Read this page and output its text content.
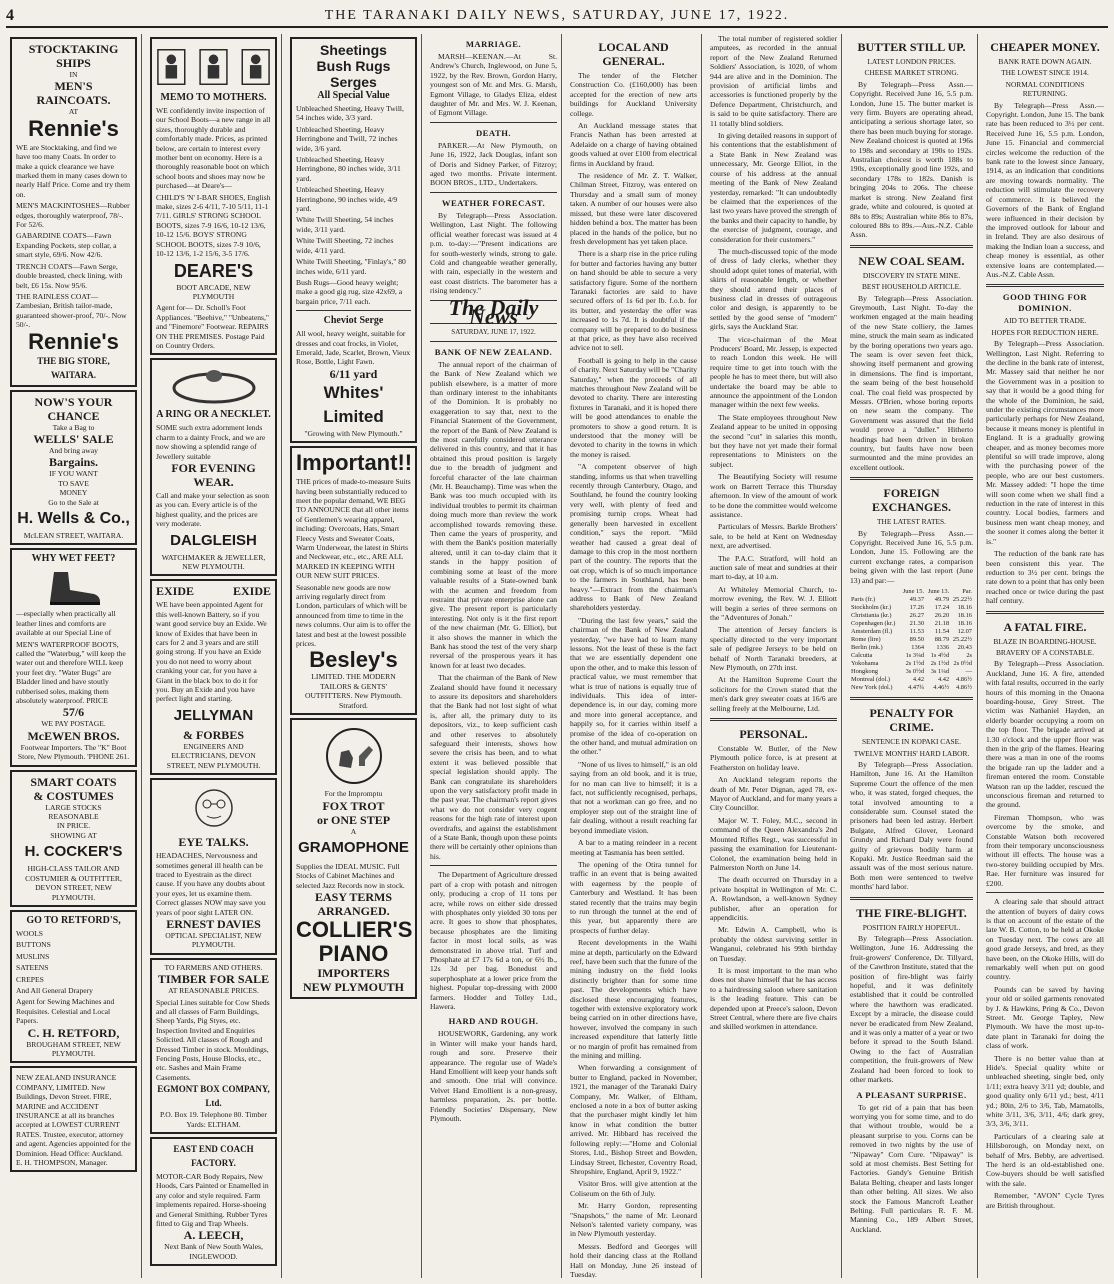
4	THE TARANAKI DAILY NEWS, SATURDAY, JUNE 17, 1922.
STOCKTAKING
SHIPS
IN
MEN'S RAINCOATS.
AT
Rennie's

WE are Stocktaking, and find we have too many Coats. In order to make a quick clearance we have marked them in many cases down to nearly Half Price. Come and try them on.

MEN'S MACKINTOSHES—Rubber edges, thoroughly waterproof, 78/-. For 52/6.

GABARDINE COATS—Fawn Expanding Pockets, step collar, a smart style, 69/6. Now 42/6.

TRENCH COATS—Fawn Serge, double breasted, check lining, with belt, £6 15s. Now 95/6.

THE RAINLESS COAT—Zambesian, British tailor-made, guaranteed shower-proof, 70/-. Now 50/-.

Rennie's
THE BIG STORE, WAITARA.
NOW'S YOUR
CHANCE
Take a Bag to
WELLS' SALE
And bring away
Bargains.
IF YOU WANT
TO SAVE
MONEY
Go to the Sale at
H. Wells & Co.,
McLEAN STREET, WAITARA.
WHY WET FEET?

—especially when practically all leather lines and comforts are available at our Special Line of

MEN'S WATERPROOF BOOTS, called the "Waterbug," will keep the water out and therefore WILL keep your feet dry. "Water Bugs" are Bladder lined and have stoutly rubberised soles, making them absolutely waterproof. PRICE

57/6
WE PAY POSTAGE.
McEWEN BROS.
Footwear Importers. The "K" Boot Store, New Plymouth. 'PHONE 261.
SMART COATS
& COSTUMES
LARGE STOCKS
REASONABLE
IN PRICE.
SHOWING AT
H. COCKER'S
HIGH-CLASS TAILOR AND COSTUMIER & OUTFITTER, DEVON STREET, NEW PLYMOUTH.
GO TO RETFORD'S,

WOOLS

BUTTONS

MUSLINS

SATEENS

CREPES

And All General Drapery

Agent for Sewing Machines and Requisites. Celestial and Local Papers.

C. H. RETFORD,
BROUGHAM STREET, NEW PLYMOUTH.

NEW ZEALAND INSURANCE COMPANY, LIMITED. New Buildings, Devon Street. FIRE, MARINE and ACCIDENT INSURANCE at all its branches accepted at LOWEST CURRENT RATES. Trustee, executor, attorney and agent. Agencies appointed for the Dominion. Head Office: Auckland. E. H. THOMPSON, Manager.

MEMO TO MOTHERS.

WE confidently invite inspection of our School Boots—a new range in all sizes, thoroughly durable and comfortably made. Prices, as printed below, are certain to interest every mother bent on economy. Here is a thoroughly reasonable boot on which school boots and shoes may now be purchased—at Deare's—

CHILD'S 'N' I-BAR SHOES, English make, sizes 2-6 4/11, 7-10 5/11, 11-1 7/11. GIRLS' STRONG SCHOOL BOOTS, sizes 7-9 16/6, 10-12 13/6, 10-12 15/6. BOYS' STRONG SCHOOL BOOTS, sizes 7-9 10/6, 10-12 13/6, 1-2 15/6, 3-5 17/6.

DEARE'S
BOOT ARCADE, NEW PLYMOUTH

Agent for— Dr. Scholl's Foot Appliances. "Beehive," "Unbeatens," and "Finemore" Footwear. REPAIRS ON THE PREMISES. Postage Paid on Country Orders.

A RING OR A NECKLET.

SOME such extra adornment lends charm to a dainty Frock, and we are now showing a splendid range of Jewellery suitable

FOR EVENING WEAR.

Call and make your selection as soon as you can. Every article is of the highest quality, and the prices are very moderate.

DALGLEISH
WATCHMAKER & JEWELLER, NEW PLYMOUTH.
EXIDE	EXIDE

WE have been appointed Agent for this well-known Battery, so if you want good service buy an Exide. We know of Exides that have been in cars for 2 and 3 years and are still going strong. If you have an Exide you do not need to worry about cranking your car, for you have a Giant in the black box to do it for you. Buy an Exide and you have perfect light and starting.

JELLYMAN
& FORBES
ENGINEERS AND ELECTRICIANS, DEVON STREET, NEW PLYMOUTH.
EYE TALKS.

HEADACHES, Nervousness and sometimes general ill health can be traced to Eyestrain as the direct cause. If you have any doubts about your eyes, let us examine them. Correct glasses NOW may save you years of poor sight LATER ON.

ERNEST DAVIES
OPTICAL SPECIALIST, NEW PLYMOUTH.
TO FARMERS AND OTHERS.
TIMBER FOR SALE
AT REASONABLE PRICES.

Special Lines suitable for Cow Sheds and all classes of Farm Buildings, Sheep Yards, Pig Styes, etc. Inspection Invited and Enquiries Solicited. All classes of Rough and Dressed Timber in stock. Mouldings, Fencing Posts, House Blocks, etc., etc. Sashes and Main Frame Casements.

EGMONT BOX COMPANY, Ltd.
P.O. Box 19. Telephone 80. Timber Yards: ELTHAM.
EAST END COACH FACTORY.

MOTOR-CAR Body Repairs, New Hoods, Cars Painted or Enamelled in any color and style required. Farm implements repaired. Horse-shoeing and General Smithing. Rubber Tyres fitted to Gig and Trap Wheels.

A. LEECH,
Next Bank of New South Wales, INGLEWOOD.
Sheetings
Bush Rugs
Serges
All Special Value

Unbleached Sheeting, Heavy Twill, 54 inches wide, 3/3 yard.

Unbleached Sheeting, Heavy Herringbone and Twill, 72 inches wide, 3/6 yard.

Unbleached Sheeting, Heavy Herringbone, 80 inches wide, 3/11 yard.

Unbleached Sheeting, Heavy Herringbone, 90 inches wide, 4/9 yard.

White Twill Sheeting, 54 inches wide, 3/11 yard.

White Twill Sheeting, 72 inches wide, 4/11 yard.

White Twill Sheeting, "Finlay's," 80 inches wide, 6/11 yard.

Bush Rugs—Good heavy weight; make a good gig rug, size 42x69, a bargain price, 7/11 each.

Cheviot Serge

All wool, heavy weight, suitable for dresses and coat frocks, in Violet, Emerald, Jade, Scarlet, Brown, Vieux Rose, Bottle, Light Fawn.

6/11 yard
Whites' Limited
"Growing with New Plymouth."
Important!!

THE prices of made-to-measure Suits having been substantially reduced to meet the popular demand, WE BEG TO ANNOUNCE that all other items of Gentlemen's wearing apparel, including: Overcoats, Hats, Smart Fleecy Vests and Sweater Coats, Warm Underwear, the latest in Shirts and Neckwear, etc., etc., ARE ALL MARKED IN KEEPING WITH OUR NEW SUIT PRICES.

Seasonable new goods are now arriving regularly direct from London, particulars of which will be announced from time to time in the news columns. Our aim is to offer the latest and best at the lowest possible prices.

Besley's
LIMITED. THE MODERN TAILORS & GENTS' OUTFITTERS. New Plymouth. Stratford.
For the Impromptu
FOX TROT
or ONE STEP
A
GRAMOPHONE

Supplies the IDEAL MUSIC. Full Stocks of Cabinet Machines and selected Jazz Records now in stock.

EASY TERMS ARRANGED.
COLLIER'S
PIANO
IMPORTERS
NEW PLYMOUTH
MARRIAGE.

MARSH—KEENAN.—At St. Andrew's Church, Inglewood, on June 5, 1922, by the Rev. Brown, Gordon Harry, youngest son of Mr. and Mrs. G. Marsh, Egmont Village, to Gladys Eliza, eldest daughter of Mr. and Mrs. W. J. Keenan, of Egmont Village.

DEATH.

PARKER.—At New Plymouth, on June 16, 1922, Jack Douglas, infant son of Doris and Sidney Parker, of Fitzroy; aged two months. Private interment. BOON BROS., LTD., Undertakers.

WEATHER FORECAST.

By Telegraph—Press Association. Wellington, Last Night. The following official weather forecast was issued at 4 p.m. to-day:—"Present indications are for south-westerly winds, strong to gale. Cold and changeable weather generally, with rain, especially in the western and east coast districts. The barometer has a rising tendency."

The Daily News
SATURDAY, JUNE 17, 1922.
BANK OF NEW ZEALAND.

The annual report of the chairman of the Bank of New Zealand which we publish elsewhere, is a matter of more than ordinary interest to the inhabitants of the Dominion. It is probably no exaggeration to say that, next to the Financial Statement of the Government, the report of the Bank of New Zealand is the most carefully considered utterance delivered in this country, and that it has obtained this proud position is largely due to the breadth of judgment and forceful character of the late chairman (Mr. H. Beauchamp). Time was when the Bank was too much occupied with its individual troubles to permit its chairman doing much more than review the work accomplished towards removing these. Then came the years of prosperity, and with them the Bank's position materially altered, until it can to-day claim that it stands in the happy position of combining some at least of the more valuable results of a State-owned bank with the acumen and freedom from restraint that private enterprise alone can give. The present report is particularly interesting. Not only is it the first report of the new chairman (Mr. G. Elliot), but it also shows the manner in which the Bank has stood the test of the very sharp reversal of the prosperous years it has known for at least two decades.

That the chairman of the Bank of New Zealand should have found it necessary to assure its depositors and shareholders that the Bank had not lost sight of what is, after all, the primary duty to its depositors, viz., to keep sufficient cash and other reserves to absolutely safeguard their interests, shows how severe the crisis has been, and to what extent it was believed possible that special legislation should apply. The Bank can congratulate its shareholders upon the very satisfactory profit made in the past year. The chairman's report gives what we do not consider very cogent reasons for the high rate of interest upon overdrafts, and against the establishment of a State Bank, though upon these points there will be certainly other opinions than his.

The Department of Agriculture dressed part of a crop with potash and nitrogen only, producing a crop of 11 tons per acre, while rows on either side dressed with phosphates only yielded 30 tons per acre. It goes to show that phosphates, because phosphates are the limiting factor in most local soils, as was demonstrated in above trial. Turf and Phosphate at £7 17s 6d a ton, or 6½ lb., 12s 3d per bag. Bonedust and superphosphate at a lower price from the highest. Popular top-dressing with 2000 farmers. Hodder and Tolley Ltd., Hawera.

HARD AND ROUGH.

HOUSEWORK, Gardening, any work in Winter will make your hands hard, rough and sore. Preserve their appearance. The regular use of Wade's Hand Emollient will keep your hands soft and smooth. One trial will convince. Velvet Hand Emollient is a non-greasy, harmless preparation, 2s. per bottle. Friendly Societies' Dispensary, New Plymouth.

LOCAL AND GENERAL.

The tender of the Fletcher Construction Co. (£160,000) has been accepted for the erection of new arts buildings for Auckland University college.

An Auckland message states that Francis Nathan has been arrested at Adelaide on a charge of having obtained goods valued at over £100 from electrical firms in Auckland by fraud.

The residence of Mr. Z. T. Walker, Chilman Street, Fitzroy, was entered on Thursday and a small sum of money taken. A number of our houses were also missed, but these were later discovered hidden behind a box. The matter has been placed in the hands of the police, but no fresh development has yet taken place.

There is a sharp rise in the price ruling for butter and factories having any butter on hand should be able to secure a very satisfactory figure. Some of the northern Taranaki factories are said to have secured offers of 1s 6d per lb. f.o.b. for its butter, and yesterday the offer was increased to 1s 7d. It is doubtful if the company will be prepared to do business at that price, as they have also received advice not to sell.

Football is going to help in the cause of charity. Next Saturday will be "Charity Saturday," when the proceeds of all matches throughout New Zealand will be devoted to charity. There are interesting fixtures in Taranaki, and it is hoped there will be good attendances to enable the promoters to show a good return. It is understood that the money will be devoted to charity in the towns in which the money is raised.

"A competent observer of high standing, informs us that when travelling recently through Canterbury, Otago, and Southland, he found the country looking very well, with plenty of feed and promising turnip crops. Wheat had generally been harvested in excellent condition," says the report. "Mild weather had caused a great deal of damage to this crop in the most northern part of the country. The reports that the oat crop, which is of so much importance to the farmers in Southland, has been heavy."—Extract from the chairman's address to Bank of New Zealand shareholders yesterday.

"During the last few years," said the chairman of the Bank of New Zealand yesterday, "we have had to learn many lessons. Not the least of these is the fact that we are essentially dependent one upon the other, and to make this lesson of practical value, we must remember that what is true of nations is equally true of individuals. This idea of inter-dependence is, in our day, coming more and more into general acceptance, and happily so, for it carries within itself a promise of the idea of co-operation on the other hand, and mutual admiration on the other."

"None of us lives to himself," is an old saying from an old book, and it is true, for no man can live to himself; it is a fact, not sufficiently recognised, perhaps, that not a workman can go free, and no employer step out of the straight line of fair dealing, without a result reaching far beyond immediate vision.

A bar to a mating reindeer in a recent meeting at Tasmania has been settled.

The opening of the Otira tunnel for traffic in an event that is being awaited with eagerness by the people of Canterbury and Westland. It has been stated recently that the trains may begin to run through the tunnel at the end of this year, but apparently there are prospects of further delay.

Recent developments in the Waihi mine at depth, particularly on the Edward reef, have been such that the future of the mining industry on the field looks distinctly brighter than for some time past. The developments which have disclosed these encouraging features, together with extensive exploratory work being carried on in other directions have, however, involved the company in such increased expenditure that latterly little or no margin of profit has remained from the mining and milling.

When forwarding a consignment of butter to England, packed in November, 1921, the manager of the Taranaki Dairy Company, Mr. Walker, of Eltham, enclosed a note in a box of butter asking that the purchaser might kindly let him know in what condition the butter arrived. Mr. Hibbard has received the following reply:—"Home and Colonial Stores, Ltd., Bishop Street and Bowden, Lindsay Street, Ilchester, Coventry Road, Shropshire, England, April 9, 1922."

Visitor Bros. will give attention at the Coliseum on the 6th of July.

Mr. Harry Gordon, representing "Snapshots," the name of Mr. Leonard Nelson's talented variety company, was in New Plymouth yesterday.

Messrs. Bedford and Georges will hold their dancing class at the Rolland Hall on Monday, June 26 instead of Tuesday.

The total number of registered soldier amputees, as recorded in the annual report of the New Zealand Returned Soldiers' Association, is 1020, of whom 944 are alive and in the Dominion. The provision of artificial limbs and accessories is functioned properly by the Defence Department, Christchurch, and is said to be quite satisfactory. There are 11 totally blind soldiers.

In giving detailed reasons in support of his contentions that the establishment of a State Bank in New Zealand was unnecessary, Mr. George Elliot, in the course of his address at the annual meeting of the Bank of New Zealand yesterday, remarked: "It can undoubtedly be claimed that the experiences of the last two years have proved the strength of the banks and their capacity to handle, by the exercise of judgment, courage, and consideration for their customers."

The much-discussed topic of the mode of dress of lady clerks, whether they should adopt quiet tones of material, with skirts of reasonable length, or whether they should attend their places of business clad in dresses of outrageous color and design, is apparently to be settled by the good sense of "modern" girls, says the Auckland Star.

The vice-chairman of the Meat Producers' Board, Mr. Jessep, is expected to reach London this week. He will require time to get into touch with the people he has to meet there, but will also undertake the board may be able to announce the appointment of the London manager within the next few weeks.

The State employees throughout New Zealand appear to be united in opposing the second "cut" in salaries this month, but they have not yet made their formal representations to Ministers on the subject.

The Beautifying Society will resume work on Barrett Terrace this Thursday afternoon. In view of the amount of work to be done the committee would welcome assistance.

Particulars of Messrs. Barkle Brothers' sale, to be held at Kent on Wednesday next, are advertised.

The P.A.C. Stratford, will hold an auction sale of meat and sundries at their mart to-day, at 10 a.m.

At Whiteley Memorial Church, to-morrow evening, the Rev. W. J. Elliott will begin a series of three sermons on the "Adventures of Jonah."

The attention of Jersey fanciers is specially directed to the very important sale of pedigree Jerseys to be held on behalf of North Taranaki breeders, at New Plymouth, on 27th inst.

At the Hamilton Supreme Court the solicitors for the Crown stated that the men's dark grey sweater coats at 16/6 are selling freely at the Melbourne, Ltd.

PERSONAL.

Constable W. Butler, of the New Plymouth police force, is at present at Featherston on holiday leave.

An Auckland telegram reports the death of Mr. Peter Dignan, aged 78, ex-Mayor of Auckland, and for many years a City Councillor.

Major W. T. Foley, M.C., second in command of the Queen Alexandra's 2nd Mounted Rifles Regt., was successful in passing the examination for Lieutenant-Colonel, the examination being held in Palmerston North on June 14.

The death occurred on Thursday in a private hospital in Wellington of Mr. C. A. Rowlandson, a well-known Sydney publisher, after an operation for appendicitis.

Mr. Edwin A. Campbell, who is probably the oldest surviving settler in Wanganui, celebrated his 99th birthday on Tuesday.

It is most important to the man who does not shave himself that he has access to a hairdressing saloon where sanitation is the leading feature. This can be depended upon at Preece's saloon, Devon Street Central, where there are five chairs and skilled workmen in attendance.

BUTTER STILL UP.
LATEST LONDON PRICES.
CHEESE MARKET STRONG.

By Telegraph—Press Assn.—Copyright. Received June 16, 5.5 p.m. London, June 15. The butter market is very firm. Buyers are operating ahead, anticipating a serious shortage later, so there has been much buying for storage. New Zealand choicest is quoted at 196s to 198s and secondary at 190s to 192s. Australian choicest is worth 188s to 190s, exceptionally good line 192s, and secondary 178s to 182s. Danish is bringing 204s to 206s. The cheese market is strong. New Zealand first grade, white and coloured, is quoted at 88s to 89s; Australian white 86s to 87s, coloured 88s to 89s.—Aus.-N.Z. Cable Assn.

NEW COAL SEAM.
DISCOVERY IN STATE MINE.
BEST HOUSEHOLD ARTICLE.

By Telegraph—Press Association. Greymouth, Last Night. To-day the workmen engaged at the main heading of the new State colliery, the James mine, struck the main seam as indicated by the boring operations two years ago. The seam is over seven feet thick, showing itself permanent and growing in dimensions. The find is important, the seam being of the best household coal. The coal field was prospected by Messrs. O'Brien, whose boring reports on new seam the company. The Government was assured that the field would prove a "duller." Hitherto headings had been driven in broken country, but faults have now been surmounted and the mine provides an excellent outlook.

FOREIGN EXCHANGES.
THE LATEST RATES.

By Telegraph—Press Assn.—Copyright. Received June 16, 5.5 p.m. London, June 15. Following are the current exchange rates, a comparison being given with the last report (June 13) and par:—

	June 15.	June 13.	Par.
Paris (fr.)	49.37	49.79	25.22½
Stockholm (kr.)	17.26	17.24	18.16
Christiania (kr.)	26.27	26.20	18.16
Copenhagen (kr.)	21.30	21.18	18.16
Amsterdam (fl.)	11.53	11.54	12.07
Rome (lire)	89.50	88.79	25.22½
Berlin (mk.)	1364	1336	20.43
Calcutta	1s 3¼d	1s 4½d	2s
Yokohama	2s 1½d	2s 1½d	2s 0½d
Hongkong	3s 0½d	3s 1¼d	—
Montreal (dol.)	4.42	4.42	4.86½
New York (dol.)	4.47¾	4.46½	4.86½
PENALTY FOR CRIME.
SENTENCE IN KOPAKI CASE.
TWELVE MONTHS' HARD LABOR.

By Telegraph—Press Association. Hamilton, June 16. At the Hamilton Supreme Court the offence of the men who, it was stated, forged cheques, the total involved amounting to a considerable sum. Counsel stated the prisoners had been led astray. Herbert Bulgate, Alfred Glover, Leonard Grundy and Richard Daly were found guilty of grievous bodily harm at Kopaki. Mr. Justice Reedman said the assault was of the most serious nature. Both men were sentenced to twelve months' hard labor.

THE FIRE-BLIGHT.
POSITION FAIRLY HOPEFUL.

By Telegraph—Press Association. Wellington, June 16. Addressing the fruit-growers' Conference, Dr. Tillyard, of the Cawthron Institute, stated that the position of fire-blight was fairly hopeful, and it was definitely established that it could be controlled where the hawthorn was eradicated. Except by a miracle, the disease could never be eradicated from New Zealand, and it was only a matter of a year or two before it spread to the South Island. Owing to the fact of Australian competition, the fruit-growers of New Zealand had been forced to look to other markets.

A PLEASANT SURPRISE.

To get rid of a pain that has been worrying you for some time, and to do that without trouble, would be a pleasant surprise to you. Corns can be removed in two nights by the use of "Nipaway" Corn Cure. "Nipaway" is sold at most chemists. Best Setting for Factories. Gandy's Genuine British Balata Belting, cheaper and lasts longer than other belting. All sizes. We also stock the Famous Mancroft Leather Belting. Full particulars R. F. M. Manning Co., 189 Albert Street, Auckland.

CHEAPER MONEY.
BANK RATE DOWN AGAIN.
THE LOWEST SINCE 1914.
NORMAL CONDITIONS RETURNING.

By Telegraph—Press Assn.—Copyright. London, June 15. The bank rate has been reduced to 3½ per cent. Received June 16, 5.5 p.m. London, June 15. Financial and commercial circles welcome the reduction of the bank rate to the lowest since January, 1914, as an indication that conditions are moving towards normality. The reduction will stimulate the recovery of commerce. It is believed the Governors of the Bank of England were influenced in their decision by the improved outlook for labour and in Ireland. They are also desirous of making the Indian loan a success, and cheap money is essential, as other extensive loans are contemplated.—Aus.-N.Z. Cable Assn.

GOOD THING FOR DOMINION.
AID TO BETTER TRADE.
HOPES FOR REDUCTION HERE.

By Telegraph—Press Association. Wellington, Last Night. Referring to the decline in the bank rate of interest, Mr. Massey said that neither he nor the Government was in a position to say that it would be a good thing for the whole of the Dominion, he said, under the existing circumstances more particularly perhaps for New Zealand, because it means money is plentiful in England. It is a gradually growing cheaper, and as money becomes more plentiful so will trade improve, along with the purchasing power of the people, who are our best customers. Mr. Massey added: "I hope the time will soon come when we shall find a reduction in the rate of interest in this country. Local bodies, farmers and business men want cheap money, and the sooner it comes along the better it is."

The reduction of the bank rate has been consistent this year. The reduction to 3½ per cent. brings the rate down to a point that has only been reached once or twice during the past half century.

A FATAL FIRE.
BLAZE IN BOARDING-HOUSE.
BRAVERY OF A CONSTABLE.

By Telegraph—Press Association. Auckland, June 16. A fire, attended with fatal results, occurred in the early hours of this morning in the Onaona boarding-house, Grey Street. The victim was Nathaniel Hayden, an elderly boarder occupying a room on the top floor. The brigade arrived at 1.30 o'clock and the upper floor was then in the grip of the flames. Hearing there was a man in one of the rooms the brigade ran up the ladder and a fireman entered the room. Constable Watson ran up the ladder, rescued the unconscious fireman and returned to the ground.

Fireman Thompson, who was overcome by the smoke, and Constable Watson both recovered from their temporary unconsciousness without ill effects. The house was a two-storey building occupied by Mrs. Rae. Her furniture was insured for £200.

A clearing sale that should attract the attention of buyers of dairy cows is that on account of the estate of the late W. B. Cotton, to be held at Okoke on Tuesday next. The cows are all good grade Jerseys, and bred, as they have been, on the Okoke Hills, will do remarkably well when put on good country.

Pounds can be saved by having your old or soiled garments renovated by J. & Hawkins, Pring & Co., Devon Street. Mr. George Tapley, New Plymouth. We have the most up-to-date plant in Taranaki for doing the class of work.

There is no better value than at Hide's. Special quality white or unbleached sheeting, single bed, only 1/11; extra heavy 3/11 yd; double, and good quality only 6/11 yd.; best, 4/11 yd.; 80in, 2/6 to 3/6, Tab, Mamatolls, white 3/11, 3/6, 3/11, 4/6; dark grey, 3/3, 3/6, 3/11.

Particulars of a clearing sale at Hillsborough, on Monday next, on behalf of Mrs. Bebby, are advertised. The herd is an old-established one. Cow-buyers should be well satisfied with the sale.

Remember, "AVON" Cycle Tyres are British throughout.
